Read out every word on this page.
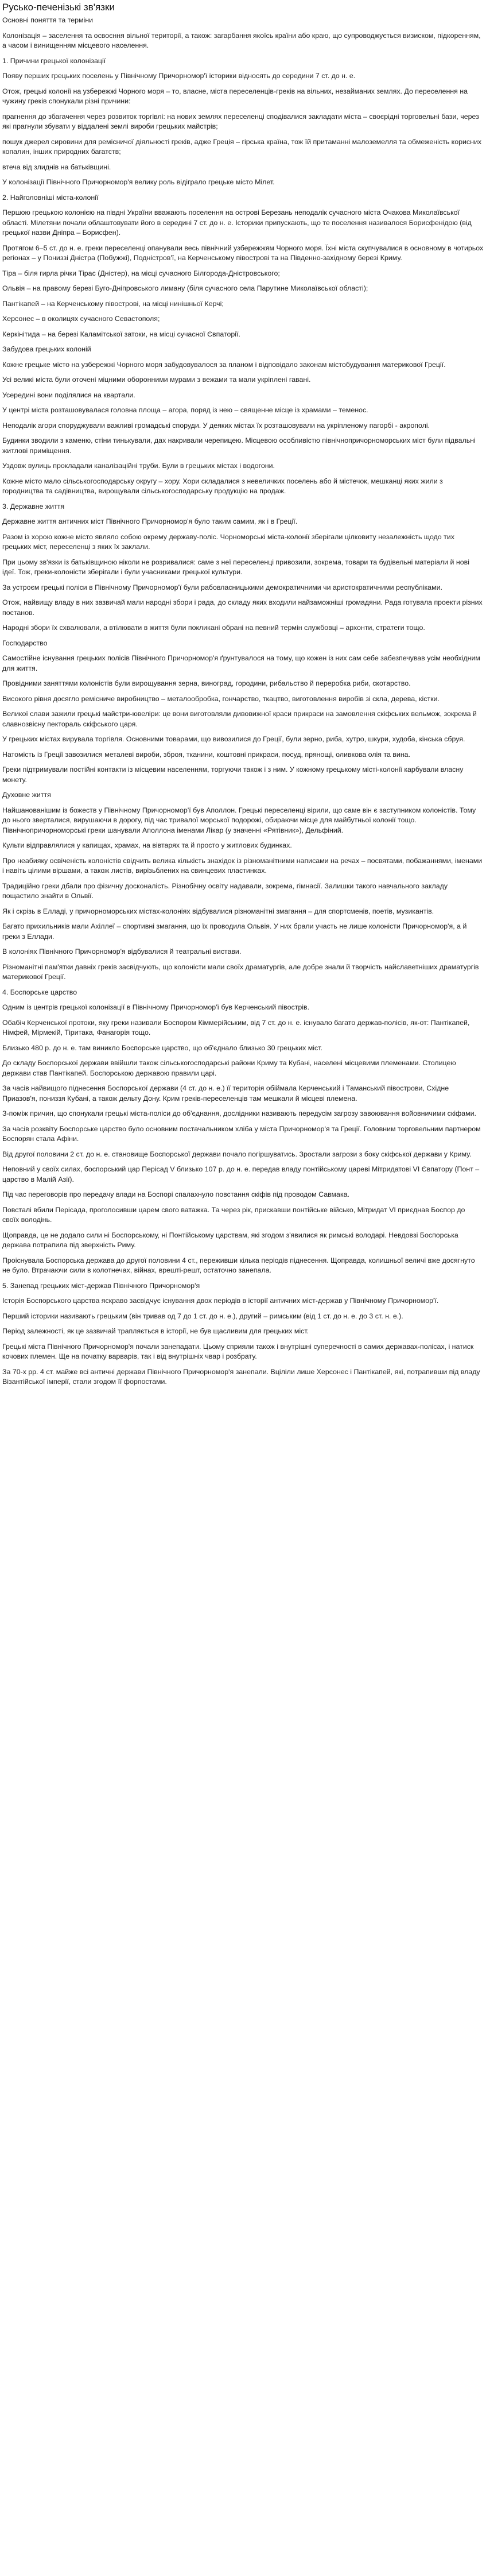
Русько-печенізькі зв'язки

Основні поняття та терміни

Колонізація – заселення та освоєння вільної території, а також: загарбання якоїсь країни або краю, що супроводжується визиском, підкоренням, а часом і винищенням місцевого населення.

1. Причини грецької колонізації

Появу перших грецьких поселень у Північному Причорномор'ї історики відносять до середини 7 ст. до н. е.

Отож, грецькі колонії на узбережжі Чорного моря – то, власне, міста переселенців-греків на вільних, незайманих землях. До переселення на чужину греків спонукали різні причини:

прагнення до збагачення через розвиток торгівлі: на нових землях переселенці сподівалися закладати міста – своєрідні торговельні бази, через які прагнули збувати у віддалені землі вироби грецьких майстрів;

пошук джерел сировини для ремісничої діяльності греків, адже Греція – гірська країна, тож їй притаманні малоземелля та обмеженість корисних копалин, інших природних багатств;

втеча від злиднів на батьківщині.

У колонізації Північного Причорномор'я велику роль відіграло грецьке місто Мілет.

2. Найголовніші міста-колонії

Першою грецькою колонією на півдні України вважають поселення на острові Березань неподалік сучасного міста Очакова Миколаївської області. Мілетяни почали облаштовувати його в середині 7 ст. до н. е. Історики припускають, що те поселення називалося Борисфенідою (від грецької назви Дніпра – Борисфен).

Протягом 6–5 ст. до н. е. греки переселенці опанували весь північний узбережжям Чорного моря. Їхні міста скупчувалися в основному в чотирьох регіонах – у Пониззі Дністра (Побужжі), Подністров'ї, на Керченському півострові та на Південно-західному березі Криму.

Тіра – біля гирла річки Тірас (Дністер), на місці сучасного Білгорода-Дністровського;

Ольвія – на правому березі Бугo-Дніпровського лиману (біля сучасного села Парутине Миколаївської області);

Пантікапей – на Керченському півострові, на місці нинішньої Керчі;

Херсонес – в околицях сучасного Севастополя;

Керкінітида – на березі Каламітської затоки, на місці сучасної Євпаторії.

Забудова грецьких колоній

Кожне грецьке місто на узбережжі Чорного моря забудовувалося за планом і відповідало законам містобудування материкової Греції.

Усі великі міста були оточені міцними оборонними мурами з вежами та мали укріплені гавані.

Усередині вони поділялися на квартали.

У центрі міста розташовувалася головна площа – агора, поряд із нею – священне місце із храмами – теменос.

Неподалік агори споруджували важливі громадські споруди. У деяких містах їх розташовували на укріпленому пагорбі - акрополі.

Будинки зводили з каменю, стіни тинькували, дах накривали черепицею. Місцевою особливістю північнопричорноморських міст були підвальні житлові приміщення.

Уздовж вулиць прокладали каналізаційні труби. Були в грецьких містах і водогони.

Кожне місто мало сільськогосподарську округу – хору. Хори складалися з невеличких поселень або й містечок, мешканці яких жили з городництва та садівництва, вирощували сільськогосподарську продукцію на продаж.

3. Державне життя

Державне життя античних міст Північного Причорномор'я було таким самим, як і в Греції.

Разом із хорою кожне місто являло собою окрему державу-поліс. Чорноморські міста-колонії зберігали цілковиту незалежність щодо тих грецьких міст, переселенці з яких їх заклали.

При цьому зв'язки із батьківщиною ніколи не розривалися: саме з неї переселенці привозили, зокрема, товари та будівельні матеріали й нові ідеї. Тож, греки-колоністи зберігали і були учасниками грецької культури.

За устроєм грецькі поліси в Північному Причорномор'ї були рабовласницькими демократичними чи аристократичними республіками.

Отож, найвищу владу в них зазвичай мали народні збори і рада, до складу яких входили найзаможніші громадяни. Рада готувала проекти різних постанов.

Народні збори їх схвалювали, а втілювати в життя були покликані обрані на певний термін службовці – архонти, стратеги тощо.

Господарство

Самостійне існування грецьких полісів Північного Причорномор'я ґрунтувалося на тому, що кожен із них сам себе забезпечував усім необхідним для життя.

Провідними заняттями колоністів були вирощування зерна, виноград, городини, рибальство й переробка риби, скотарство.

Високого рівня досягло ремісниче виробництво – металообробка, гончарство, ткацтво, виготовлення виробів зі скла, дерева, кістки.

Великої слави зажили грецькі майстри-ювеліри: це вони виготовляли дивовижної краси прикраси на замовлення скіфських вельмож, зокрема й славнозвісну пектораль скіфського царя.

У грецьких містах вирувала торгівля. Основними товарами, що вивозилися до Греції, були зерно, риба, хутро, шкури, худоба, кінська сбруя.

Натомість із Греції завозилися металеві вироби, зброя, тканини, коштовні прикраси, посуд, прянощі, оливкова олія та вина.

Греки підтримували постійні контакти із місцевим населенням, торгуючи також і з ним. У кожному грецькому місті-колонії карбували власну монету.

Духовне життя

Найшанованішим із божеств у Північному Причорномор'ї був Аполлон. Грецькі переселенці вірили, що саме він є заступником колоністів. Тому до нього зверталися, вирушаючи в дорогу, під час тривалої морської подорожі, обираючи місце для майбутньої колонії тощо. Північнопричорноморські греки шанували Аполлона іменами Лікар (у значенні «Рятівник»), Дельфіний.

Культи відправлялися у капищах, храмах, на вівтарях та й просто у житлових будинках.

Про неабияку освіченість колоністів свідчить велика кількість знахідок із різноманітними написами на речах – посвятами, побажаннями, іменами і навіть цілими віршами, а також листів, вирізьблених на свинцевих пластинках.

Традиційно греки дбали про фізичну досконалість. Різнобічну освіту надавали, зокрема, гімнасії. Залишки такого навчального закладу пощастило знайти в Ольвії.

Як і скрізь в Елладі, у причорноморських містах-колоніях відбувалися різноманітні змагання – для спортсменів, поетів, музикантів.

Багато прихильників мали Ахіллеї – спортивні змагання, що їх проводила Ольвія. У них брали участь не лише колоністи Причорномор'я, а й греки з Еллади.

В колоніях Північного Причорномор'я відбувалися й театральні вистави.

Різноманітні пам'ятки давніх греків засвідчують, що колоністи мали своїх драматургів, але добре знали й творчість найславетніших драматургів материкової Греції.

4. Боспорське царство

Одним із центрів грецької колонізації в Північному Причорномор'ї був Керченський півострів.

Обабіч Керченської протоки, яку греки називали Боспором Кіммерійським, від 7 ст. до н. е. існувало багато держав-полісів, як-от: Пантікапей, Німфей, Мірмекій, Тіритака, Фанагорія тощо.

Близько 480 р. до н. е. там виникло Боспорське царство, що об'єднало близько 30 грецьких міст.

До складу Боспорської держави ввійшли також сільськогосподарські райони Криму та Кубані, населені місцевими племенами. Столицею держави став Пантікапей. Боспорською державою правили царі.

За часів найвищого піднесення Боспорської держави (4 ст. до н. е.) її територія обіймала Керченський і Таманський півострови, Східне Приазов'я, пониззя Кубані, а також дельту Дону. Крим греків-переселенців там мешкали й місцеві племена.

З-поміж причин, що спонукали грецькі міста-поліси до об'єднання, дослідники називають передусім загрозу завоювання войовничими скіфами.

За часів розквіту Боспорське царство було основним постачальником хліба у міста Причорномор'я та Греції. Головним торговельним партнером Боспорян стала Афіни.

Від другої половини 2 ст. до н. е. становище Боспорської держави почало погіршуватись. Зростали загрози з боку скіфської держави у Криму.

Неповний у своїх силах, боспорський цар Перісад V близько 107 р. до н. е. передав владу понтійському цареві Мітридатові VI Євпатору (Понт – царство в Малій Азії).

Під час переговорів про передачу влади на Боспорі спалахнуло повстання скіфів під проводом Савмака.

Повсталі вбили Перісада, проголосивши царем свого ватажка. Та через рік, прискавши понтійське військо, Мітридат VI приєднав Боспор до своїх володінь.

Щоправда, це не додало сили ні Боспорському, ні Понтійському царствам, які згодом з'явилися як римські володарі. Невдовзі Боспорська держава потрапила під зверхність Риму.

Проіснувала Боспорська держава до другої половини 4 ст., переживши кілька періодів піднесення. Щоправда, колишньої величі вже досягнуто не було. Втрачаючи сили в колотнечах, війнах, врешті-решт, остаточно занепала.

5. Занепад грецьких міст-держав Північного Причорномор'я

Історія Боспорського царства яскраво засвідчує існування двох періодів в історії античних міст-держав у Північному Причорномор'ї.

Перший історики називають грецьким (він тривав од 7 до 1 ст. до н. е.), другий – римським (від 1 ст. до н. е. до 3 ст. н. е.).

Період залежності, як це зазвичай трапляється в історії, не був щасливим для грецьких міст.

Грецькі міста Північного Причорномор'я почали занепадати. Цьому сприяли також і внутрішні суперечності в самих державах-полісах, і натиск кочових племен. Ще на початку варварів, так і від внутрішніх чвар і розбрату.

За 70-х рр. 4 ст. майже всі античні держави Північного Причорномор'я занепали. Вціліли лише Херсонес і Пантікапей, які, потрапивши під владу Візантійської імперії, стали згодом її форпостами.
